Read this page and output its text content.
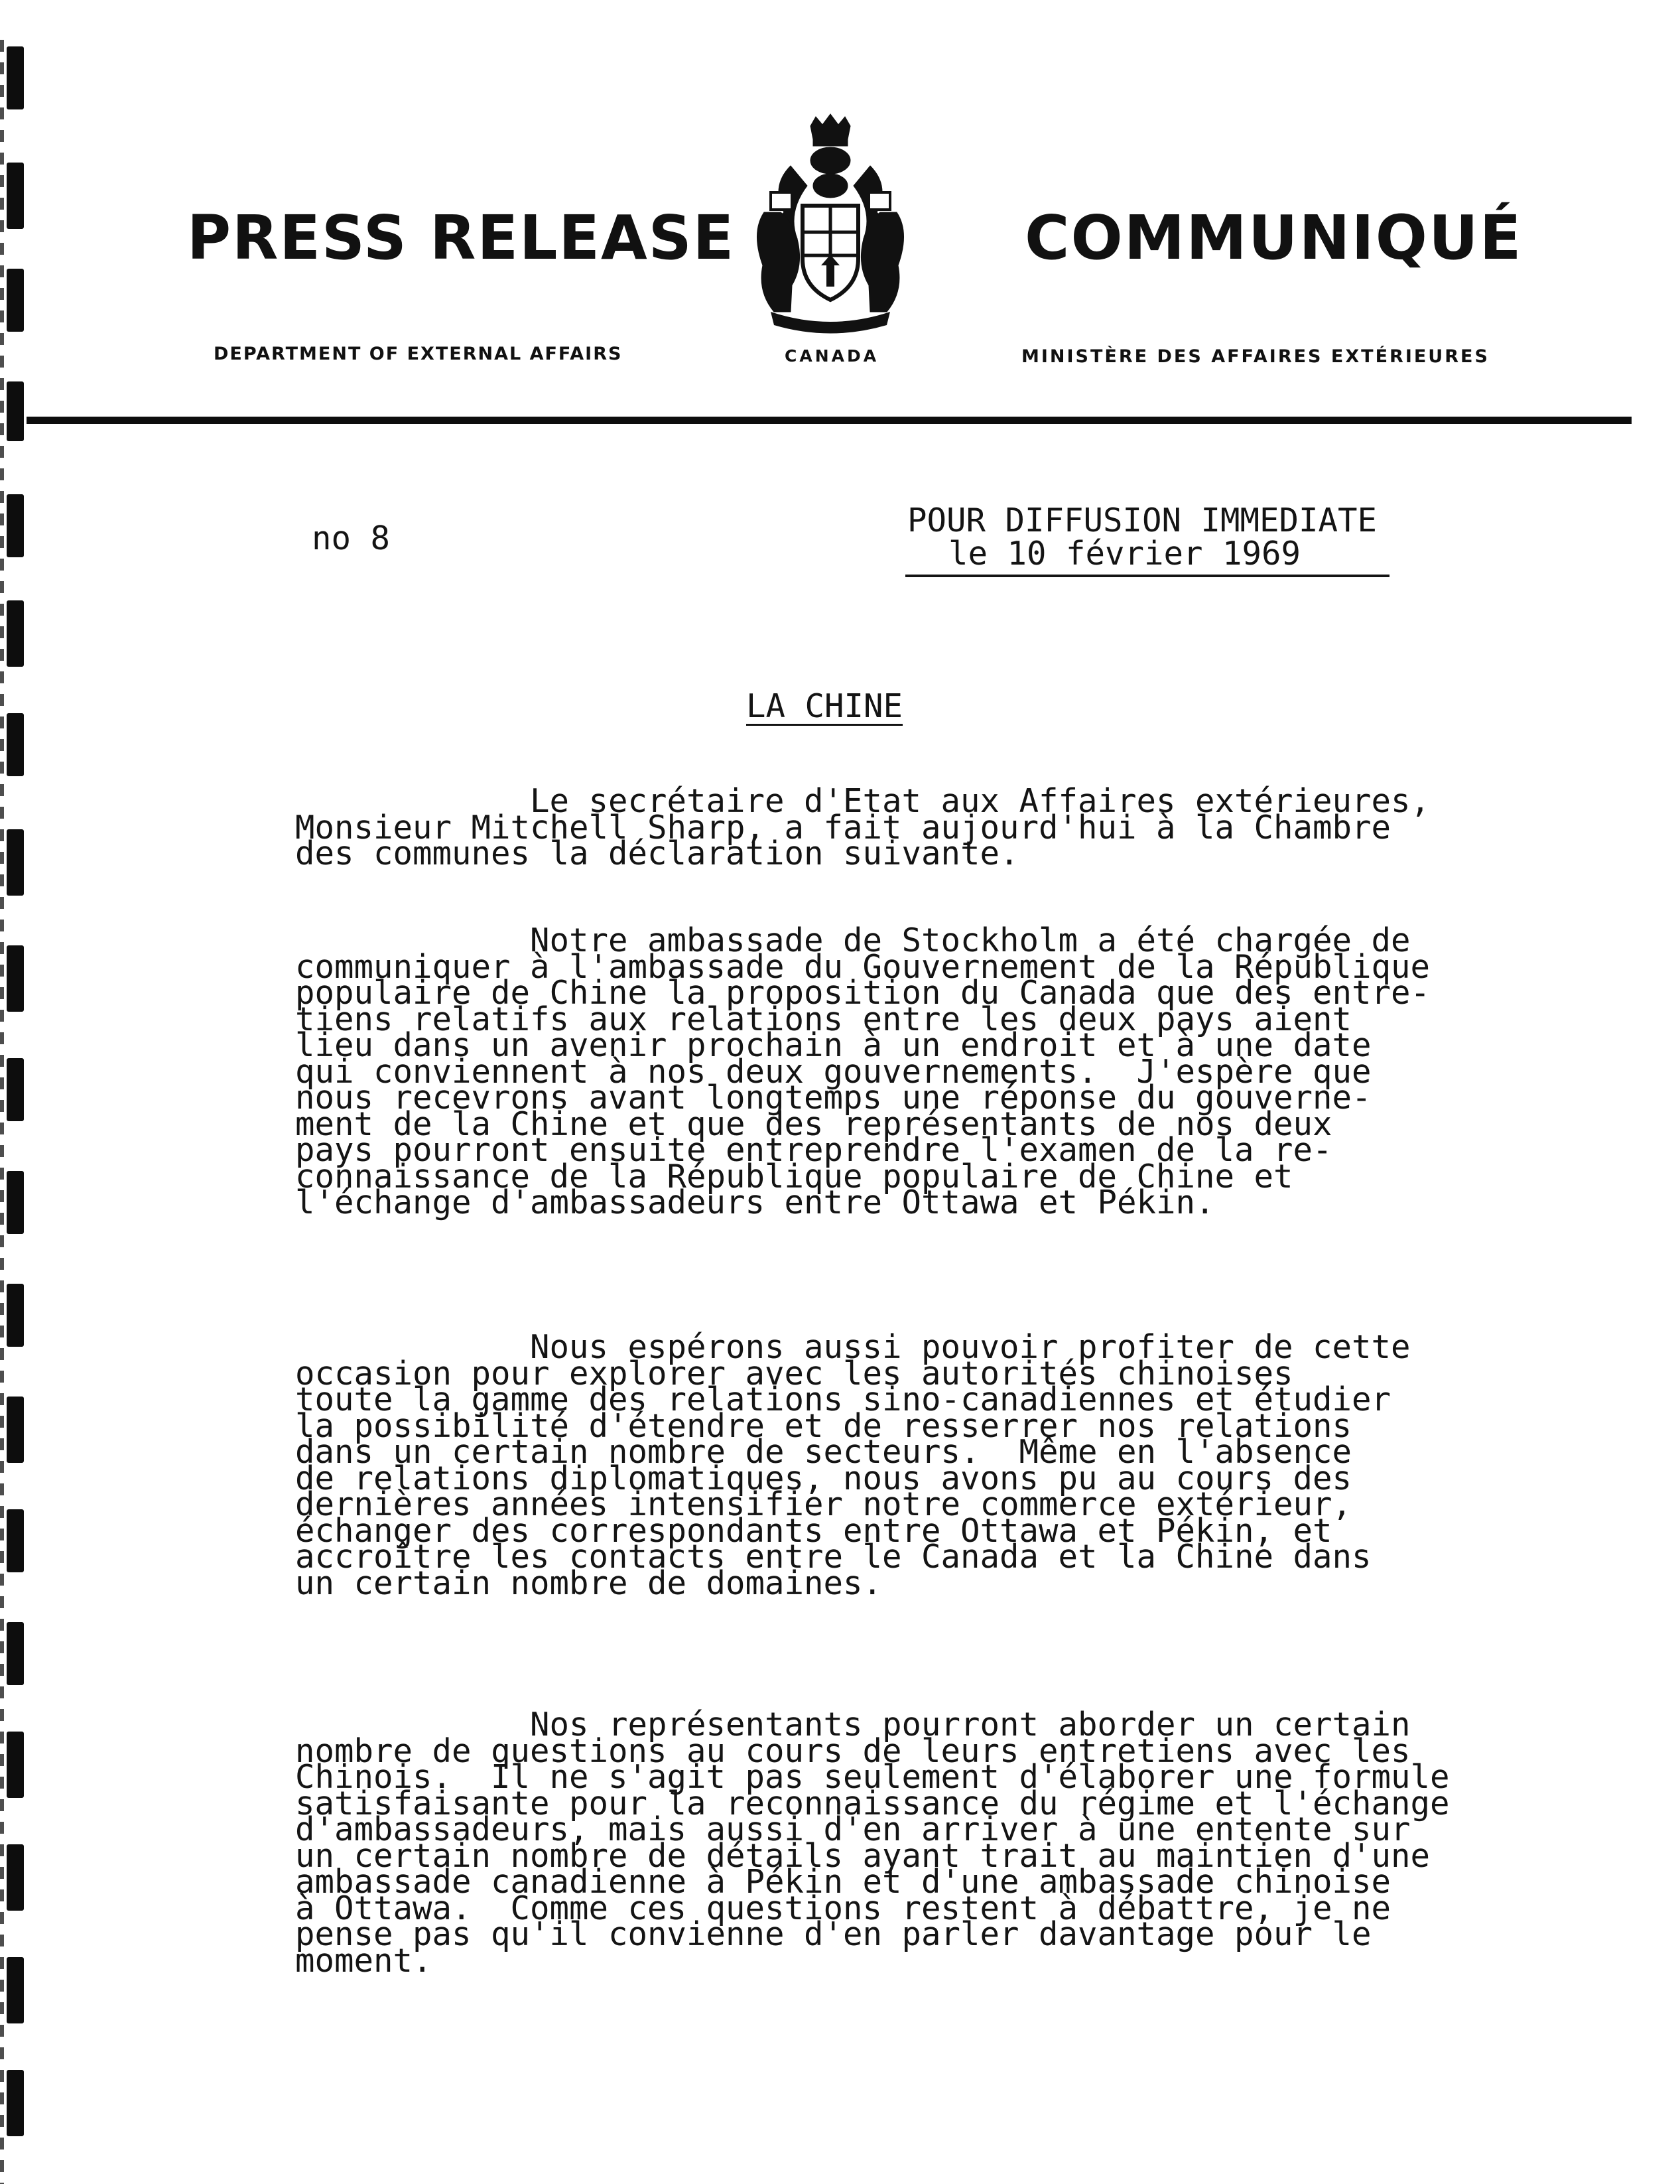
PRESS RELEASE	COMMUNIQUÉ
DEPARTMENT OF EXTERNAL AFFAIRS	CANADA	MINISTÈRE DES AFFAIRES EXTÉRIEURES
no 8	POUR DIFFUSION IMMEDIATE
le 10 février 1969
LA CHINE
Le secrétaire d'Etat aux Affaires extérieures,
Monsieur Mitchell Sharp, a fait aujourd'hui à la Chambre
des communes la déclaration suivante.
Notre ambassade de Stockholm a été chargée de
communiquer à l'ambassade du Gouvernement de la République
populaire de Chine la proposition du Canada que des entre-
tiens relatifs aux relations entre les deux pays aient
lieu dans un avenir prochain à un endroit et à une date
qui conviennent à nos deux gouvernements.  J'espère que
nous recevrons avant longtemps une réponse du gouverne-
ment de la Chine et que des représentants de nos deux
pays pourront ensuite entreprendre l'examen de la re-
connaissance de la République populaire de Chine et
l'échange d'ambassadeurs entre Ottawa et Pékin.
Nous espérons aussi pouvoir profiter de cette
occasion pour explorer avec les autorités chinoises
toute la gamme des relations sino-canadiennes et étudier
la possibilité d'étendre et de resserrer nos relations
dans un certain nombre de secteurs.  Même en l'absence
de relations diplomatiques, nous avons pu au cours des
dernières années intensifier notre commerce extérieur,
échanger des correspondants entre Ottawa et Pékin, et
accroître les contacts entre le Canada et la Chine dans
un certain nombre de domaines.
Nos représentants pourront aborder un certain
nombre de questions au cours de leurs entretiens avec les
Chinois.  Il ne s'agit pas seulement d'élaborer une formule
satisfaisante pour la reconnaissance du régime et l'échange
d'ambassadeurs, mais aussi d'en arriver à une entente sur
un certain nombre de détails ayant trait au maintien d'une
ambassade canadienne à Pékin et d'une ambassade chinoise
à Ottawa.  Comme ces questions restent à débattre, je ne
pense pas qu'il convienne d'en parler davantage pour le
moment.
